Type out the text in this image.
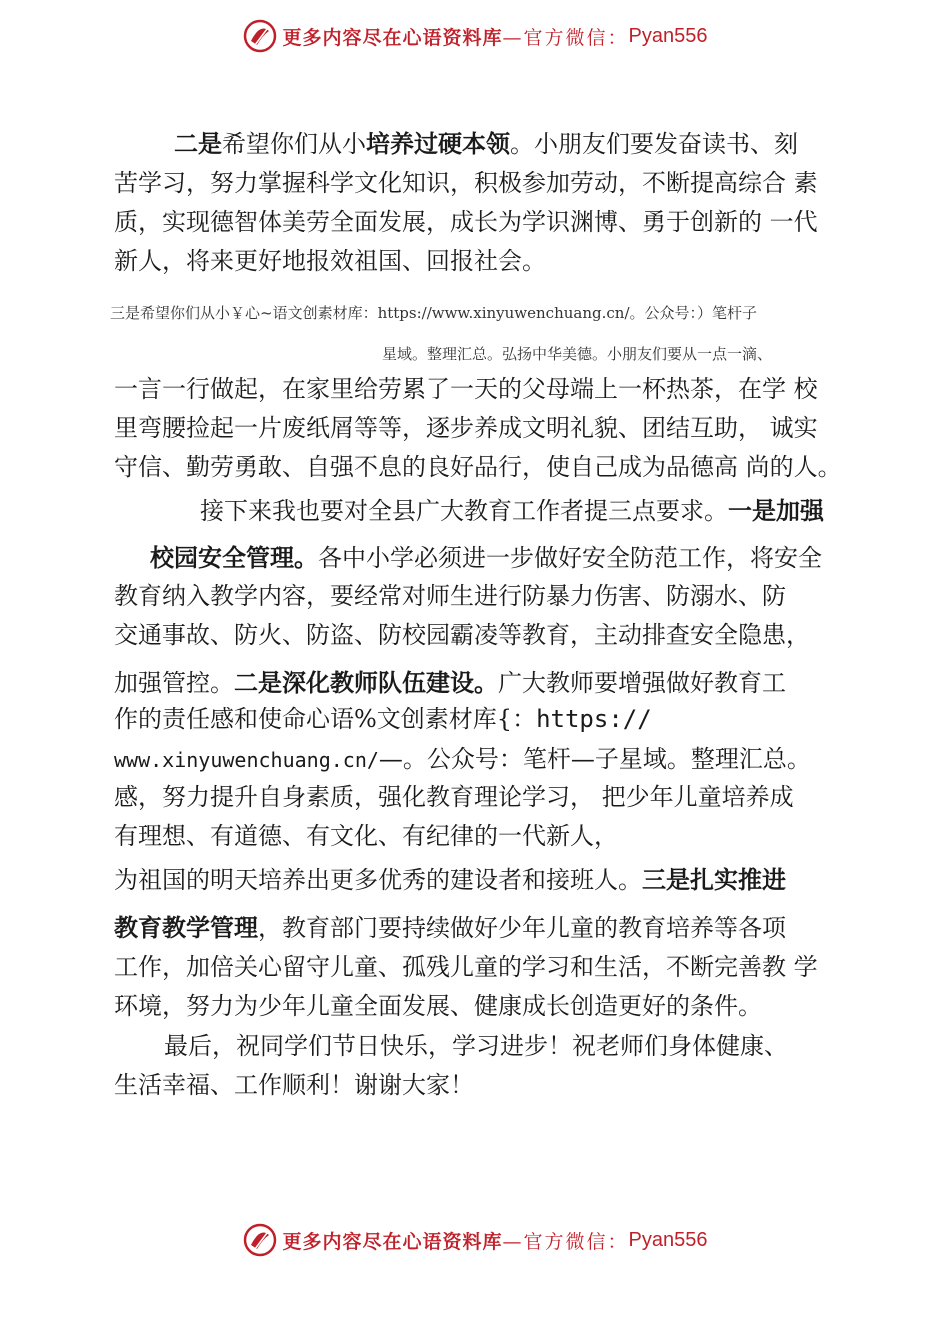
更多内容尽在心语资料库 —官方微信： Pyan556
二是希望你们从小培养过硬本领。小朋友们要发奋读书、刻
苦学习，努力掌握科学文化知识，积极参加劳动，不断提高综合 素
质，实现德智体美劳全面发展，成长为学识渊博、勇于创新的 一代
新人，将来更好地报效祖国、回报社会。
三是希望你们从小￥心~语文创素材库：https://www.xinyuwenchuang.cn/。公众号：）笔杆子
星域。整理汇总。弘扬中华美德。小朋友们要从一点一滴、
一言一行做起，在家里给劳累了一天的父母端上一杯热茶，在学 校
里弯腰捡起一片废纸屑等等，逐步养成文明礼貌、团结互助， 诚实
守信、勤劳勇敢、自强不息的良好品行，使自己成为品德高 尚的人。
接下来我也要对全县广大教育工作者提三点要求。一是加强
校园安全管理。各中小学必须进一步做好安全防范工作，将安全
教育纳入教学内容，要经常对师生进行防暴力伤害、防溺水、防
交通事故、防火、防盗、防校园霸凌等教育，主动排查安全隐患，
加强管控。二是深化教师队伍建设。广大教师要增强做好教育工
作的责任感和使命心语%文创素材库{：https://
www.xinyuwenchuang.cn/—。公众号：笔杆—子星域。整理汇总。
感，努力提升自身素质，强化教育理论学习， 把少年儿童培养成
有理想、有道德、有文化、有纪律的一代新人，
为祖国的明天培养出更多优秀的建设者和接班人。三是扎实推进
教育教学管理，教育部门要持续做好少年儿童的教育培养等各项
工作，加倍关心留守儿童、孤残儿童的学习和生活，不断完善教 学
环境，努力为少年儿童全面发展、健康成长创造更好的条件。
最后，祝同学们节日快乐，学习进步！祝老师们身体健康、
生活幸福、工作顺利！谢谢大家！
更多内容尽在心语资料库 —官方微信： Pyan556
